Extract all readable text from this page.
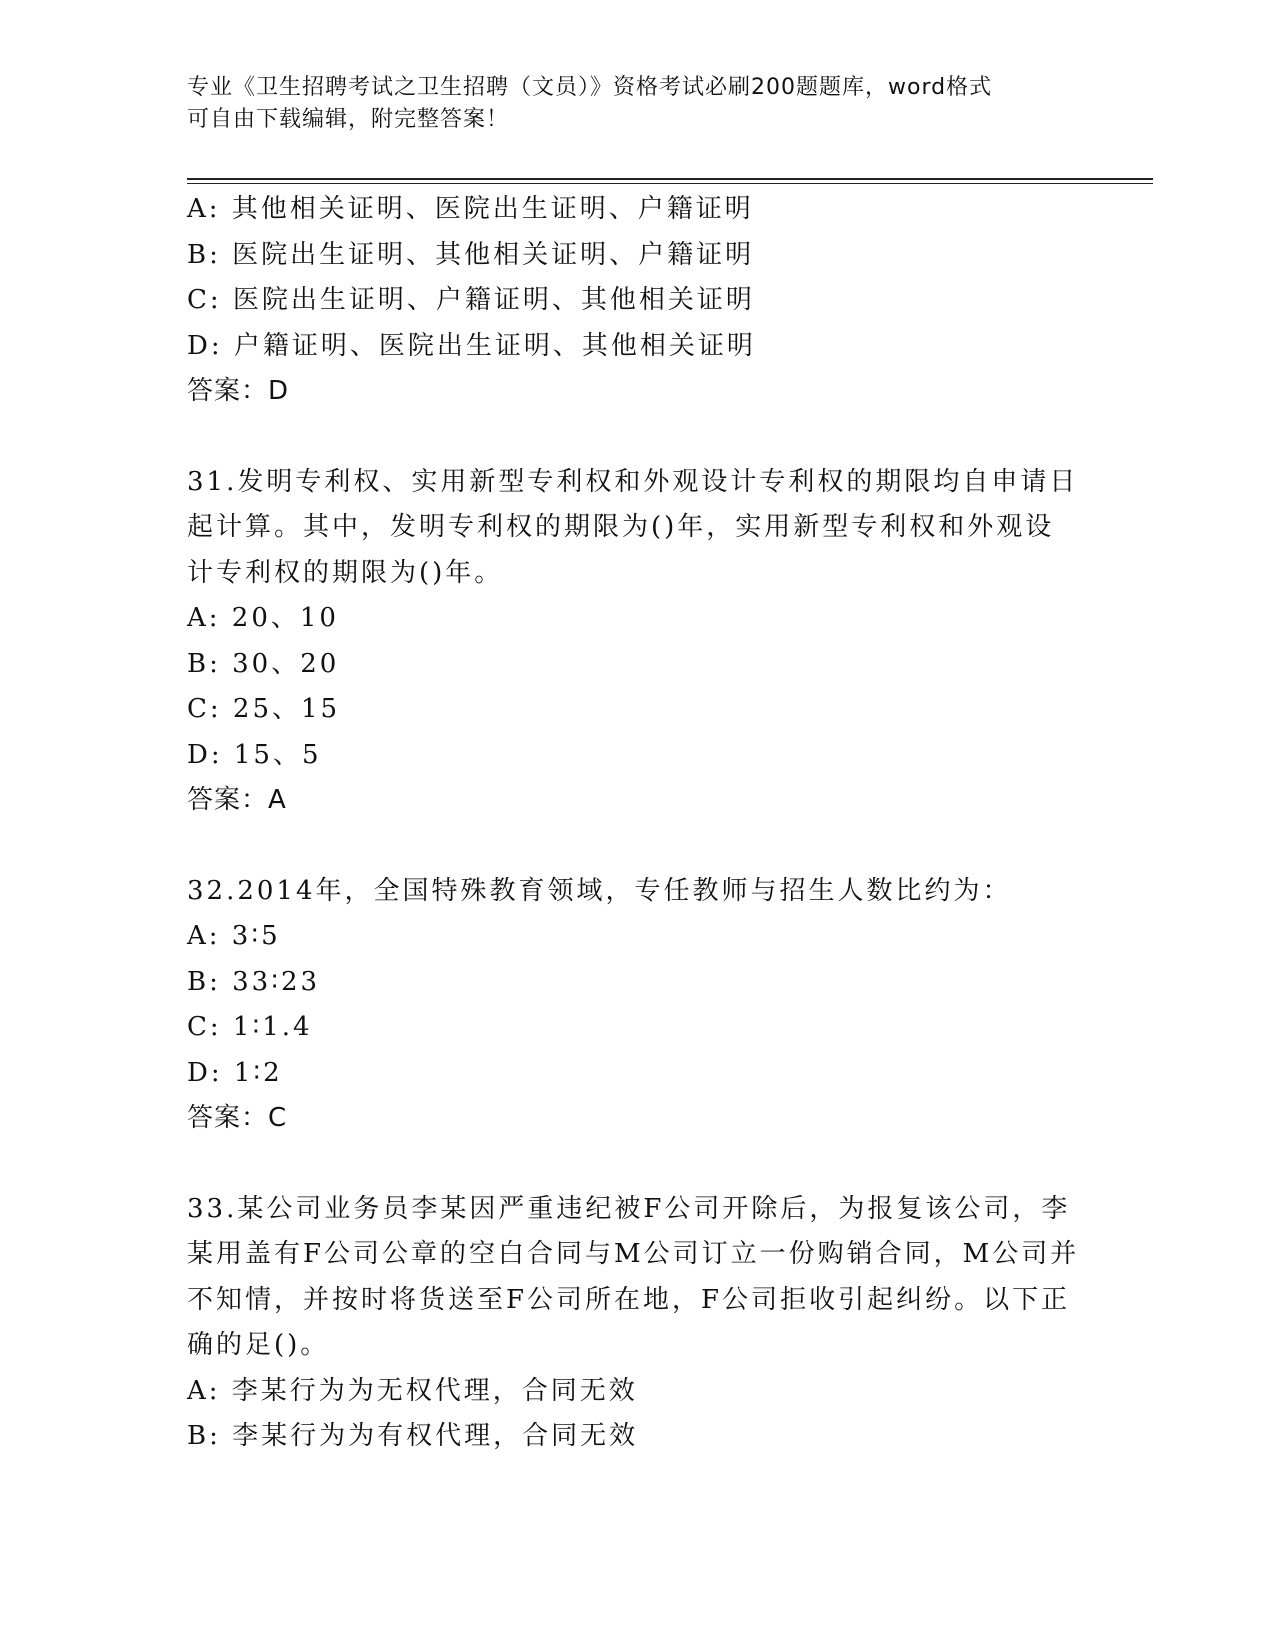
专业《卫生招聘考试之卫生招聘（文员）》资格考试必刷200题题库，word格式
可自由下载编辑，附完整答案！
A: 其他相关证明、医院出生证明、户籍证明
B: 医院出生证明、其他相关证明、户籍证明
C: 医院出生证明、户籍证明、其他相关证明
D: 户籍证明、医院出生证明、其他相关证明
答案：D
31.发明专利权、实用新型专利权和外观设计专利权的期限均自申请日
起计算。其中，发明专利权的期限为()年，实用新型专利权和外观设
计专利权的期限为()年。
A: 20、10
B: 30、20
C: 25、15
D: 15、5
答案：A
32.2014年，全国特殊教育领域，专任教师与招生人数比约为：
A: 3∶5
B: 33∶23
C: 1∶1.4
D: 1∶2
答案：C
33.某公司业务员李某因严重违纪被F公司开除后，为报复该公司，李
某用盖有F公司公章的空白合同与M公司订立一份购销合同，M公司并
不知情，并按时将货送至F公司所在地，F公司拒收引起纠纷。以下正
确的足()。
A: 李某行为为无权代理，合同无效
B: 李某行为为有权代理，合同无效
